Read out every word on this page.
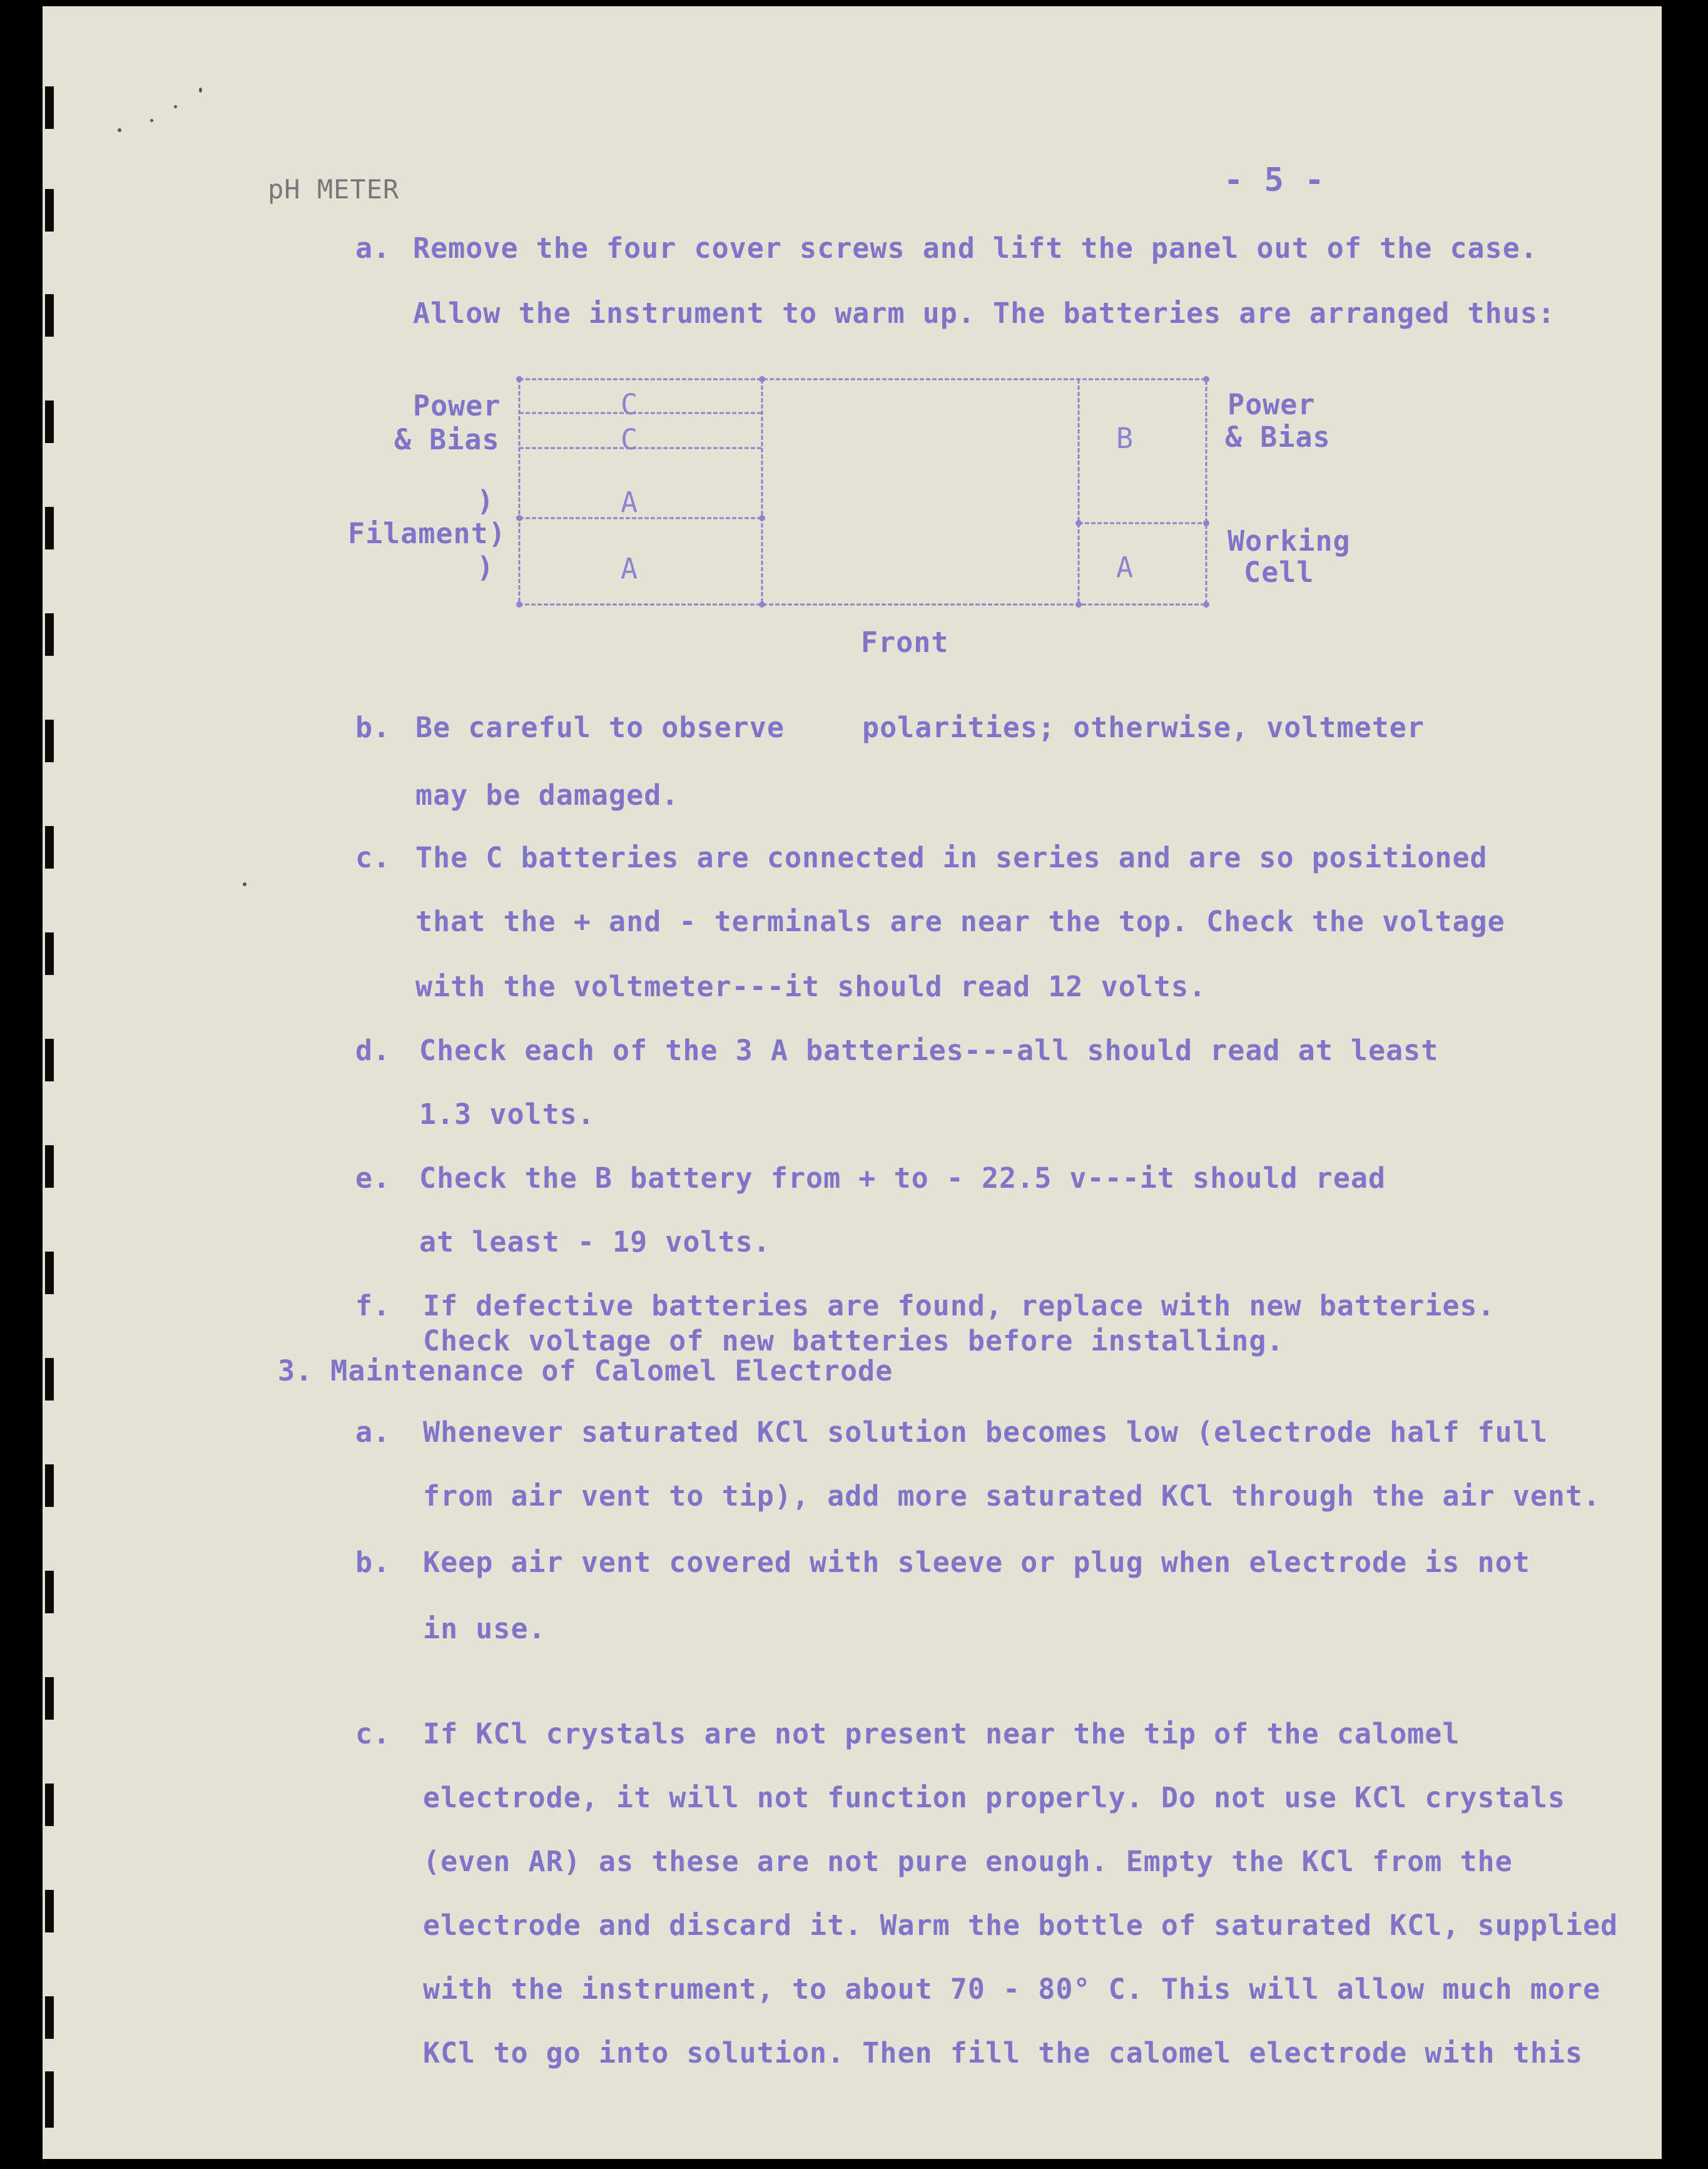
pH METER	- 5 -
a. Remove the four cover screws and lift the panel out of the case.
Allow the instrument to warm up. The batteries are arranged thus:
Power
& Bias
)
Filament)
)
C
C
A
A
B
A
Power
& Bias
Working
Cell
Front
b. Be careful to observe	polarities; otherwise, voltmeter
may be damaged.
c. The C batteries are connected in series and are so positioned
that the + and - terminals are near the top. Check the voltage
with the voltmeter---it should read 12 volts.
d. Check each of the 3 A batteries---all should read at least
1.3 volts.
e. Check the B battery from + to - 22.5 v---it should read
at least - 19 volts.
f. If defective batteries are found, replace with new batteries.
Check voltage of new batteries before installing.
3. Maintenance of Calomel Electrode
a. Whenever saturated KCl solution becomes low (electrode half full
from air vent to tip), add more saturated KCl through the air vent.
b. Keep air vent covered with sleeve or plug when electrode is not
in use.
c. If KCl crystals are not present near the tip of the calomel
electrode, it will not function properly. Do not use KCl crystals
(even AR) as these are not pure enough. Empty the KCl from the
electrode and discard it. Warm the bottle of saturated KCl, supplied
with the instrument, to about 70 - 80° C. This will allow much more
KCl to go into solution. Then fill the calomel electrode with this
